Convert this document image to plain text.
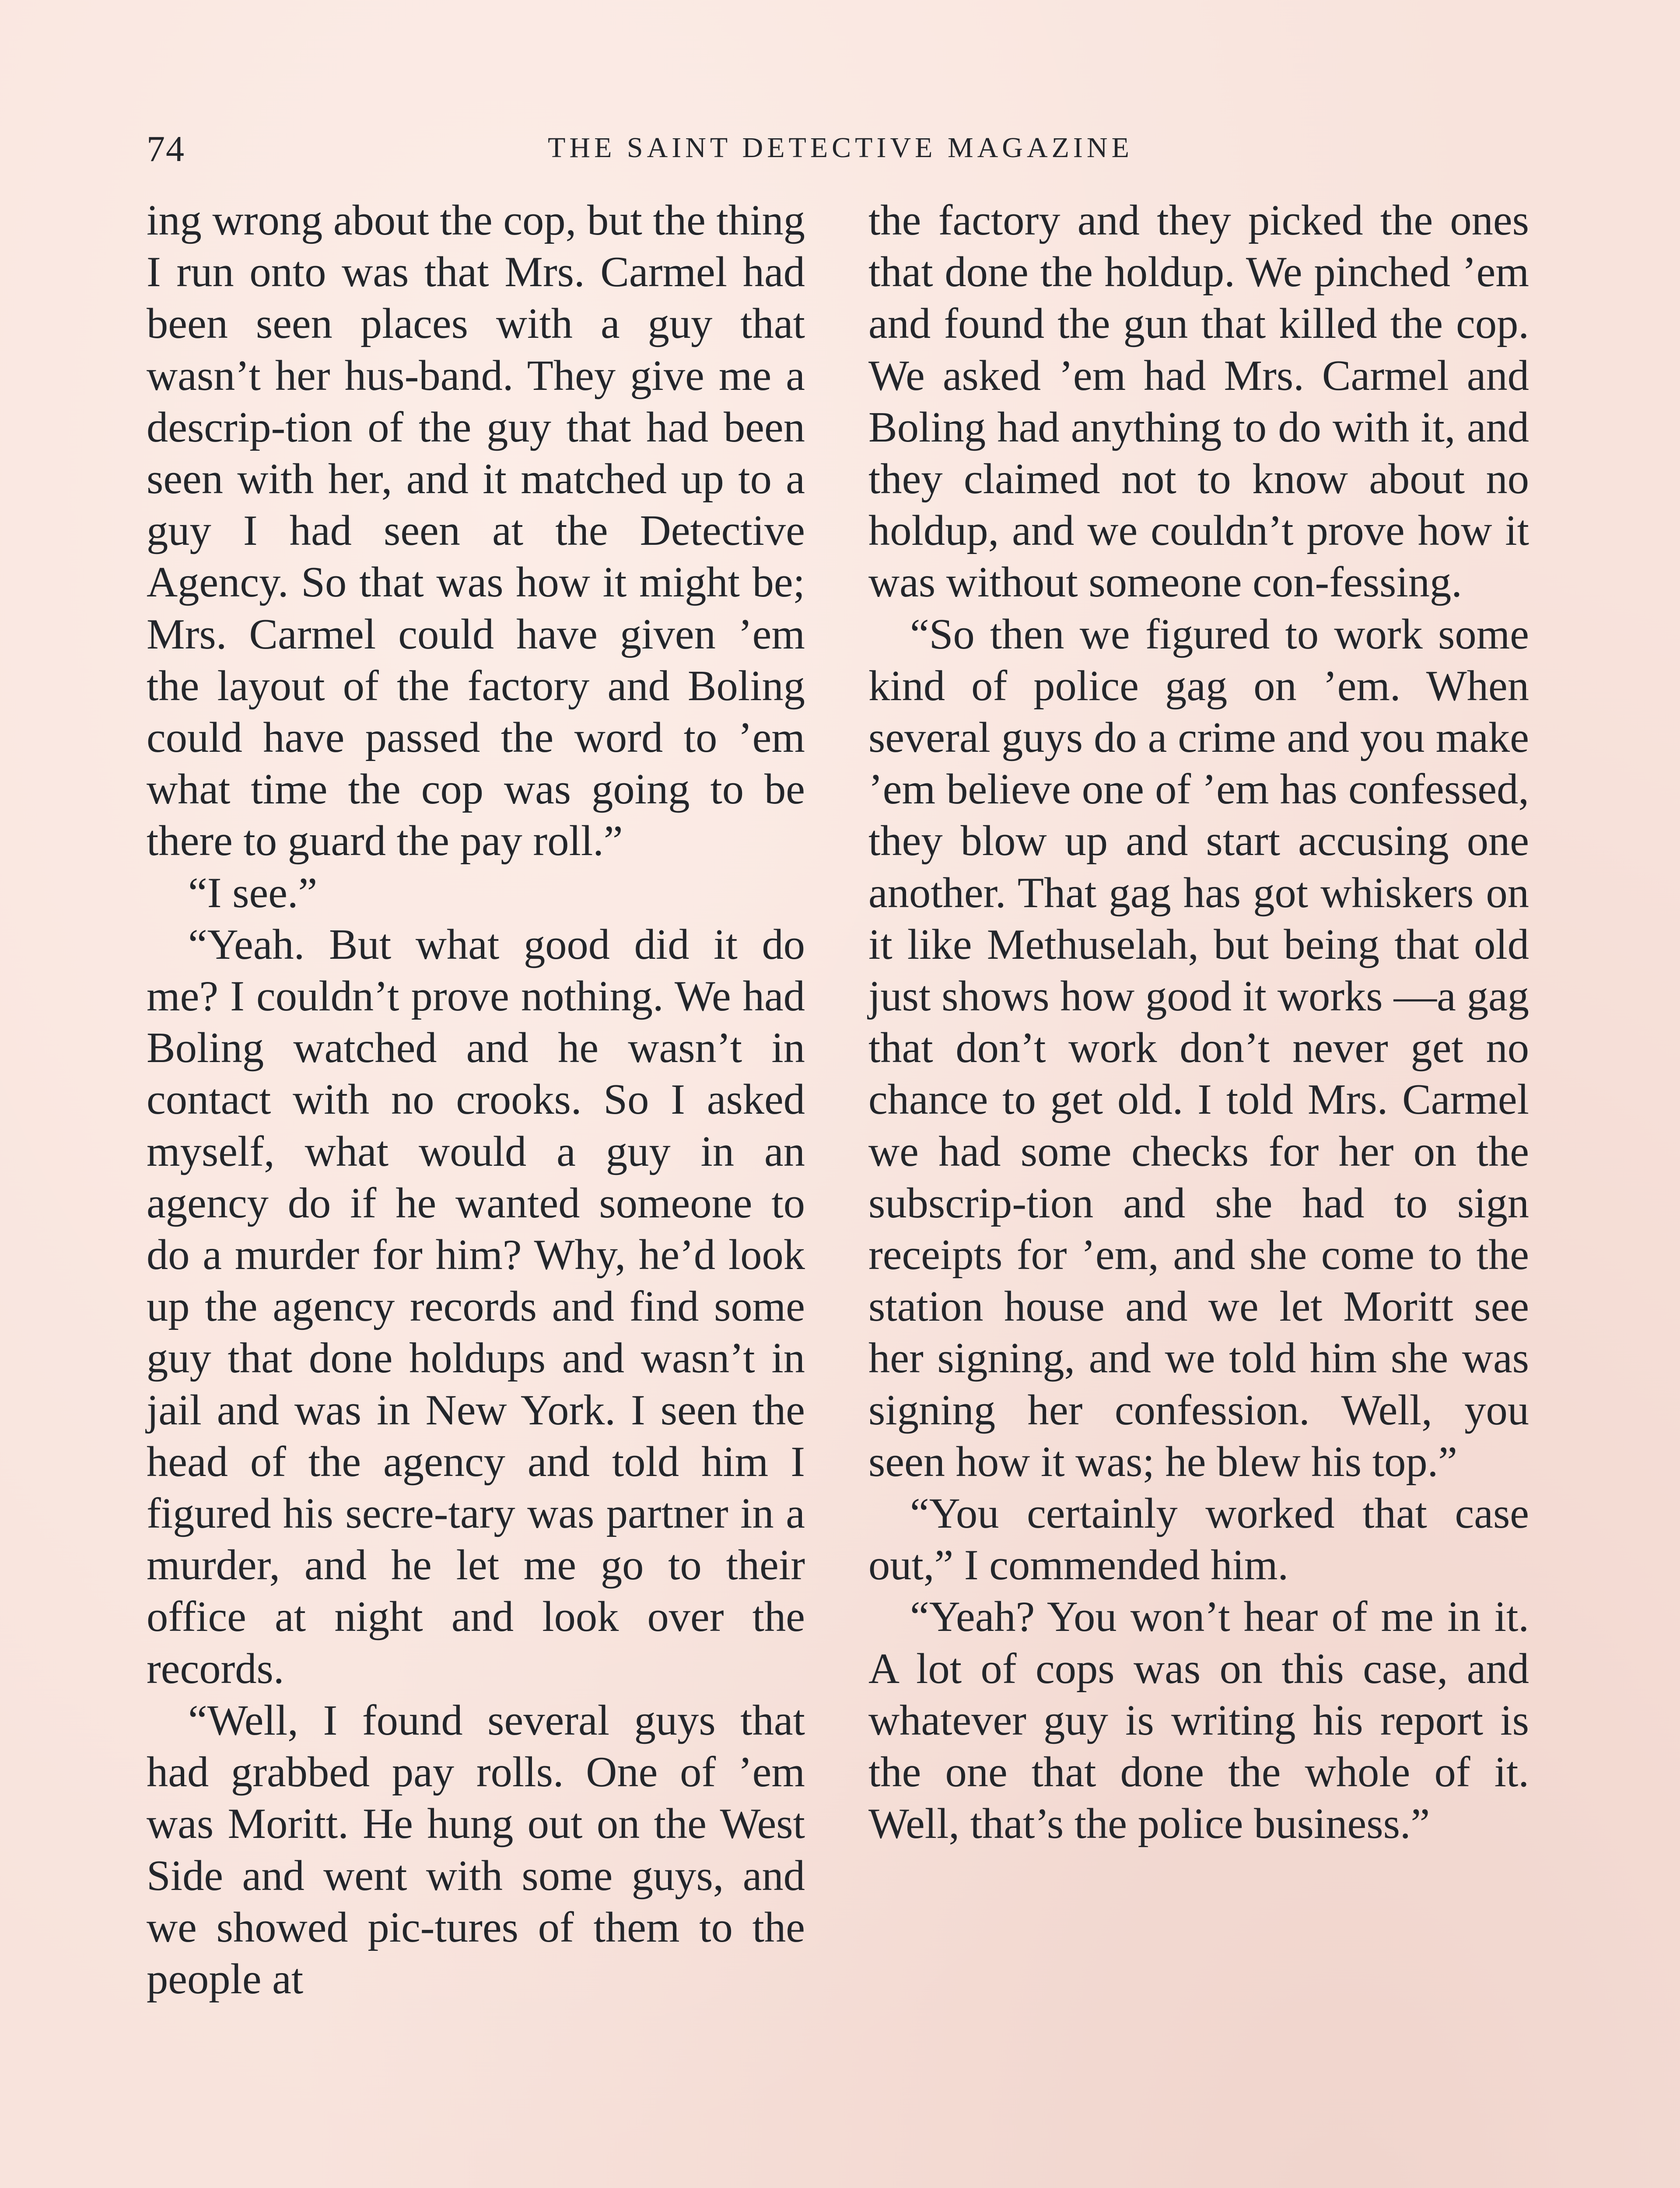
74	THE SAINT DETECTIVE MAGAZINE

ing wrong about the cop, but the thing I run onto was that Mrs. Carmel had been seen places with a guy that wasn’t her hus-band. They give me a descrip-tion of the guy that had been seen with her, and it matched up to a guy I had seen at the Detective Agency. So that was how it might be; Mrs. Carmel could have given ’em the layout of the factory and Boling could have passed the word to ’em what time the cop was going to be there to guard the pay roll.”

“I see.”

“Yeah. But what good did it do me? I couldn’t prove nothing. We had Boling watched and he wasn’t in contact with no crooks. So I asked myself, what would a guy in an agency do if he wanted someone to do a murder for him? Why, he’d look up the agency records and find some guy that done holdups and wasn’t in jail and was in New York. I seen the head of the agency and told him I figured his secre-tary was partner in a murder, and he let me go to their office at night and look over the records.

“Well, I found several guys that had grabbed pay rolls. One of ’em was Moritt. He hung out on the West Side and went with some guys, and we showed pic-tures of them to the people at

the factory and they picked the ones that done the holdup. We pinched ’em and found the gun that killed the cop. We asked ’em had Mrs. Carmel and Boling had anything to do with it, and they claimed not to know about no holdup, and we couldn’t prove how it was without someone con-fessing.

“So then we figured to work some kind of police gag on ’em. When several guys do a crime and you make ’em believe one of ’em has confessed, they blow up and start accusing one another. That gag has got whiskers on it like Methuselah, but being that old just shows how good it works —a gag that don’t work don’t never get no chance to get old. I told Mrs. Carmel we had some checks for her on the subscrip-tion and she had to sign receipts for ’em, and she come to the station house and we let Moritt see her signing, and we told him she was signing her confession. Well, you seen how it was; he blew his top.”

“You certainly worked that case out,” I commended him.

“Yeah? You won’t hear of me in it. A lot of cops was on this case, and whatever guy is writing his report is the one that done the whole of it. Well, that’s the police business.”
